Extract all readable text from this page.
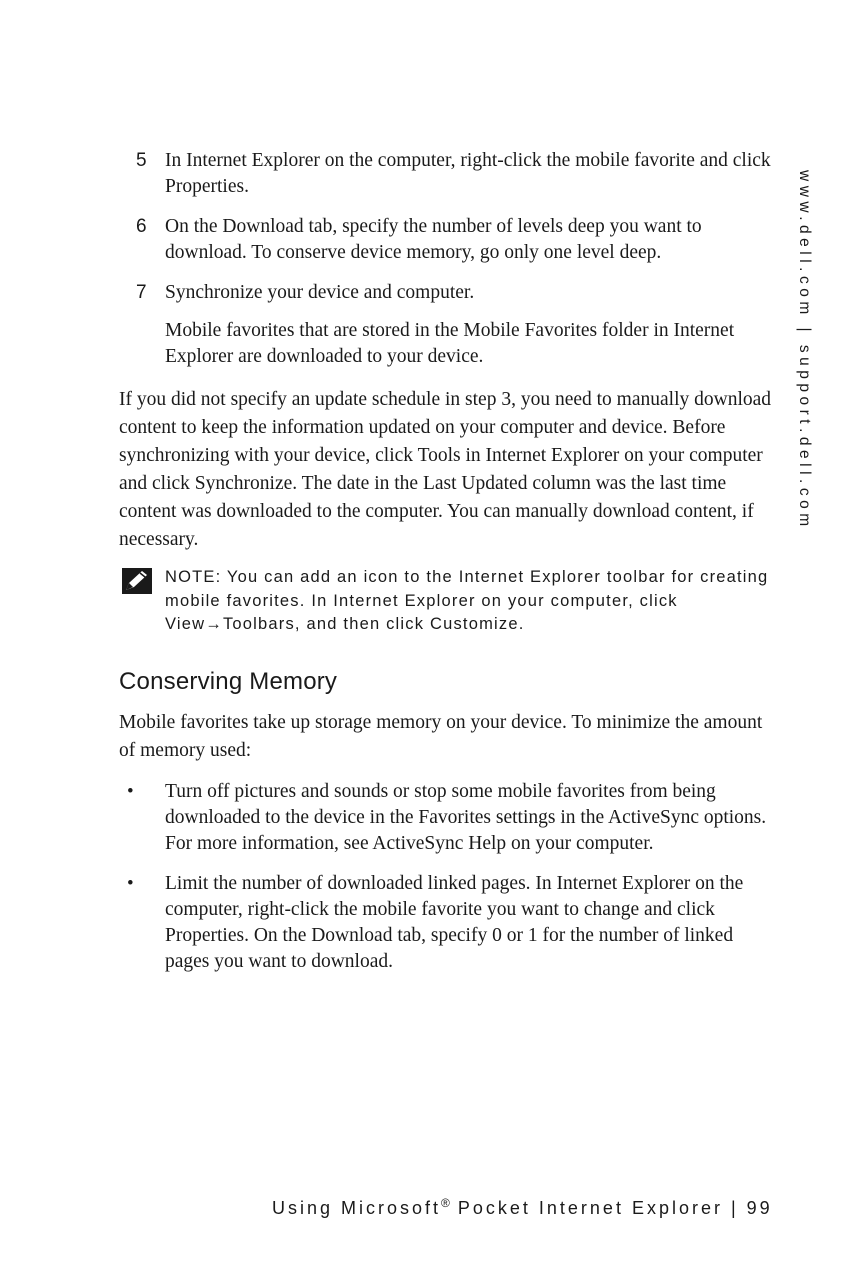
5 In Internet Explorer on the computer, right-click the mobile favorite and click Properties.
6 On the Download tab, specify the number of levels deep you want to download. To conserve device memory, go only one level deep.
7 Synchronize your device and computer.
Mobile favorites that are stored in the Mobile Favorites folder in Internet Explorer are downloaded to your device.
If you did not specify an update schedule in step 3, you need to manually download content to keep the information updated on your computer and device. Before synchronizing with your device, click Tools in Internet Explorer on your computer and click Synchronize. The date in the Last Updated column was the last time content was downloaded to the computer. You can manually download content, if necessary.
NOTE: You can add an icon to the Internet Explorer toolbar for creating mobile favorites. In Internet Explorer on your computer, click View→Toolbars, and then click Customize.
Conserving Memory
Mobile favorites take up storage memory on your device. To minimize the amount of memory used:
• Turn off pictures and sounds or stop some mobile favorites from being downloaded to the device in the Favorites settings in the ActiveSync options. For more information, see ActiveSync Help on your computer.
• Limit the number of downloaded linked pages. In Internet Explorer on the computer, right-click the mobile favorite you want to change and click Properties. On the Download tab, specify 0 or 1 for the number of linked pages you want to download.
www.dell.com | support.dell.com
Using Microsoft® Pocket Internet Explorer | 99
